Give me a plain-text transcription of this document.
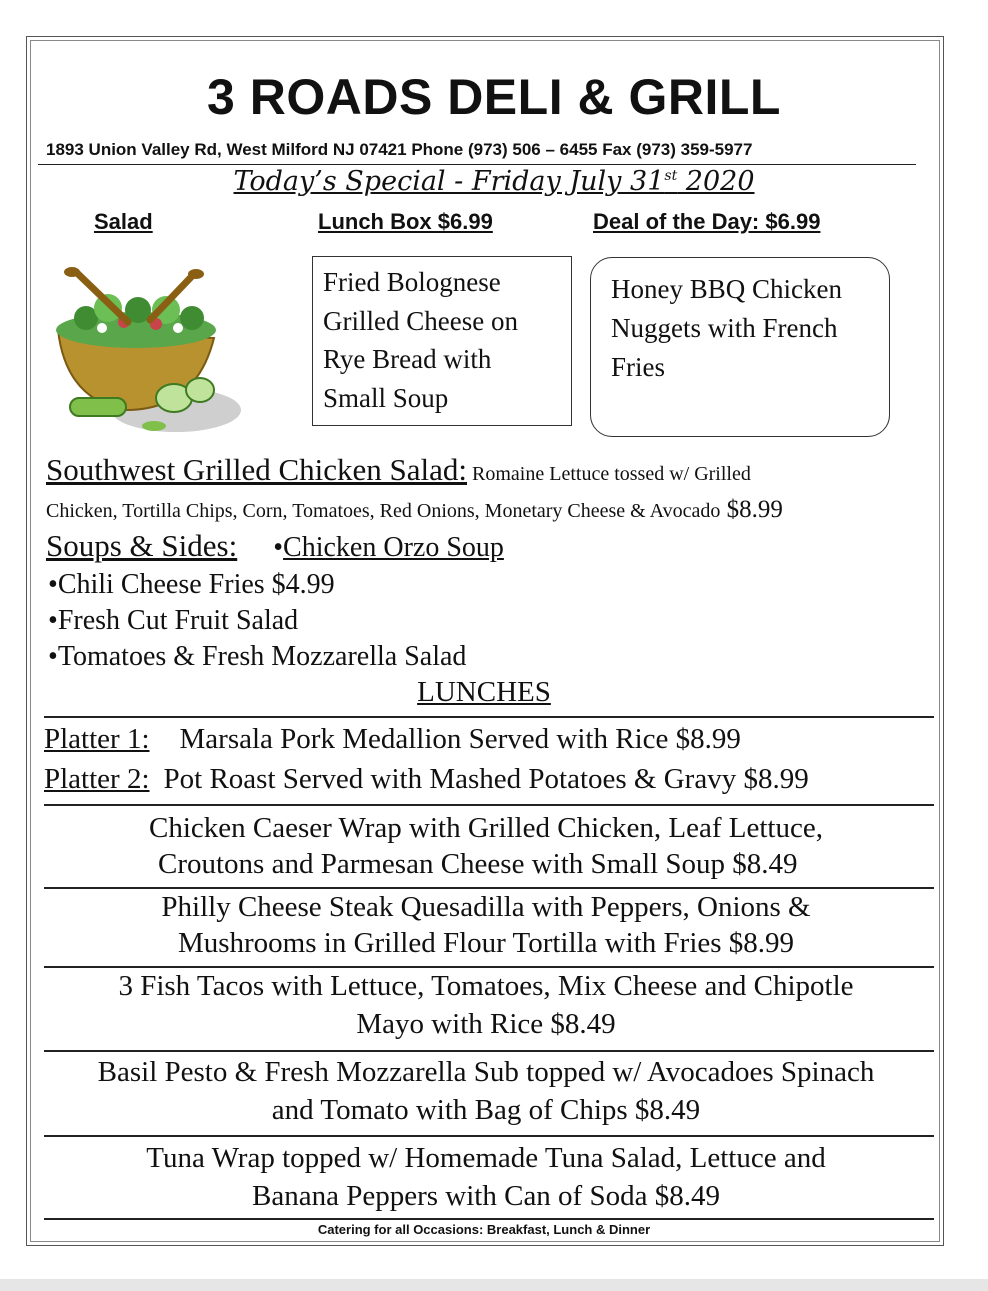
3 ROADS DELI & GRILL
1893 Union Valley Rd, West Milford NJ 07421 Phone (973) 506 – 6455 Fax (973) 359-5977
Today’s Special - Friday July 31st 2020
Salad	Lunch Box $6.99	Deal of the Day: $6.99
Fried Bolognese
Grilled Cheese on
Rye Bread with
Small Soup
Honey BBQ Chicken
Nuggets with French
Fries
Southwest Grilled Chicken Salad: Romaine Lettuce tossed w/ Grilled
Chicken, Tortilla Chips, Corn, Tomatoes, Red Onions, Monetary Cheese & Avocado $8.99
Soups & Sides: •Chicken Orzo Soup
•Chili Cheese Fries $4.99
•Fresh Cut Fruit Salad
•Tomatoes & Fresh Mozzarella Salad
LUNCHES
Platter 1: Marsala Pork Medallion Served with Rice $8.99
Platter 2: Pot Roast Served with Mashed Potatoes & Gravy $8.99
Chicken Caeser Wrap with Grilled Chicken, Leaf Lettuce,
Croutons and Parmesan Cheese with Small Soup $8.49
Philly Cheese Steak Quesadilla with Peppers, Onions &
Mushrooms in Grilled Flour Tortilla with Fries $8.99
3 Fish Tacos with Lettuce, Tomatoes, Mix Cheese and Chipotle
Mayo with Rice $8.49
Basil Pesto & Fresh Mozzarella Sub topped w/ Avocadoes Spinach
and Tomato with Bag of Chips $8.49
Tuna Wrap topped w/ Homemade Tuna Salad, Lettuce and
Banana Peppers with Can of Soda $8.49
Catering for all Occasions: Breakfast, Lunch & Dinner
